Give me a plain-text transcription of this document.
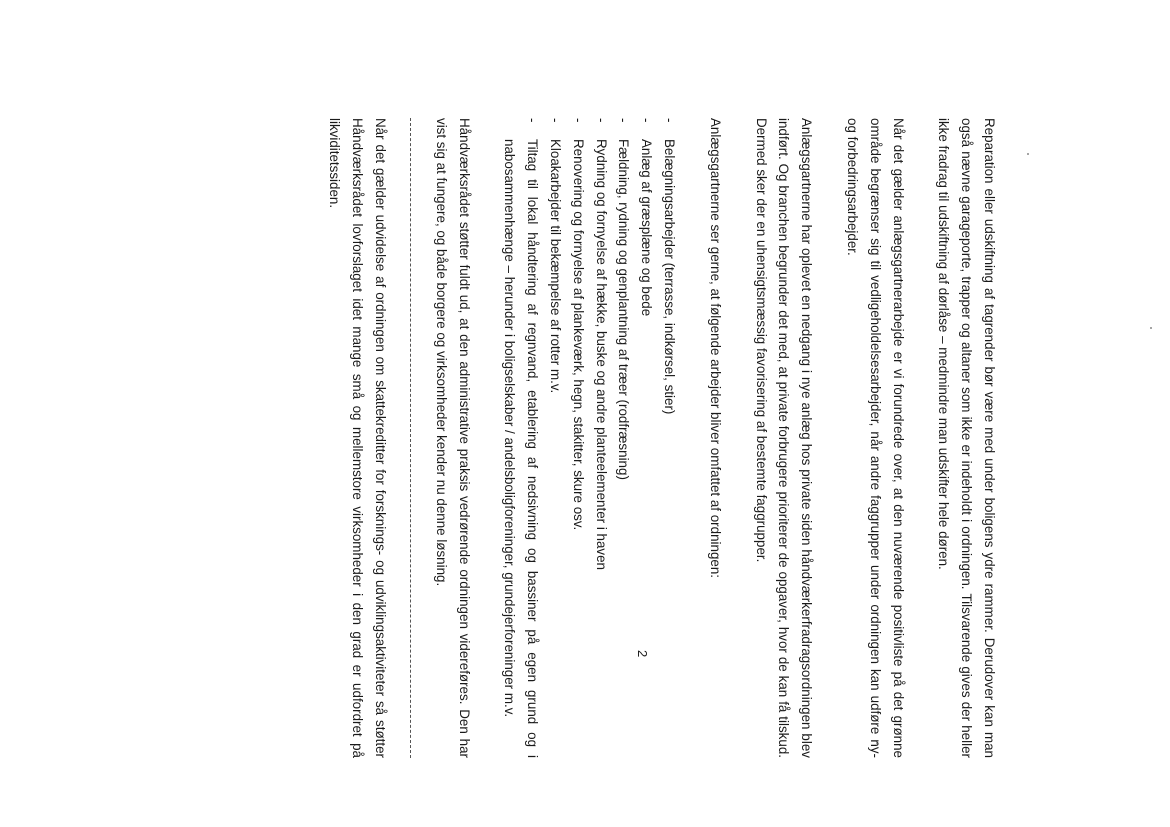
Reparation eller udskiftning af tagrender bør være med under boligens ydre rammer. Derudover kan man også nævne garageporte, trapper og altaner som ikke er indeholdt i ordningen. Tilsvarende gives der heller ikke fradrag til udskiftning af dørlåse – medmindre man udskifter hele døren.

Når det gælder anlægsgartnerarbejde er vi forundrede over, at den nuværende positivliste på det grønne område begrænser sig til vedligeholdelsesarbejder, når andre faggrupper under ordningen kan udføre ny- og forbedringsarbejder.

Anlægsgartnerne har oplevet en nedgang i nye anlæg hos private siden håndværkerfradragsordningen blev indført. Og branchen begrunder det med, at private forbrugere prioriterer de opgaver, hvor de kan få tilskud. Dermed sker der en uhensigtsmæssig favorisering af bestemte faggrupper.

Anlægsgartnerne ser gerne, at følgende arbejder bliver omfattet af ordningen:

-
Belægningsarbejder (terrasse, indkørsel, stier)
-
Anlæg af græsplæne og bede
-
Fældning, rydning og genplantning af træer (rodfræsning)
-
Rydning og fornyelse af hække, buske og andre planteelementer i haven
-
Renovering og fornyelse af plankeværk, hegn, stakitter, skure osv.
-
Kloakarbejder til bekæmpelse af rotter m.v.
-
Tiltag til lokal håndtering af regnvand, etablering af nedsivning og bassiner på egen grund og i nabosammenhænge – herunder i boligselskaber / andelsboligforeninger, grundejerforeninger m.v.

Håndværksrådet støtter fuldt ud, at den administrative praksis vedrørende ordningen videreføres. Den har vist sig at fungere, og både borgere og virksomheder kender nu denne løsning.

Når det gælder udvidelse af ordningen om skattekreditter for forsknings- og udviklingsaktiviteter så støtter Håndværksrådet lovforslaget idet mange små og mellemstore virksomheder i den grad er udfordret på likviditetssiden.

2
